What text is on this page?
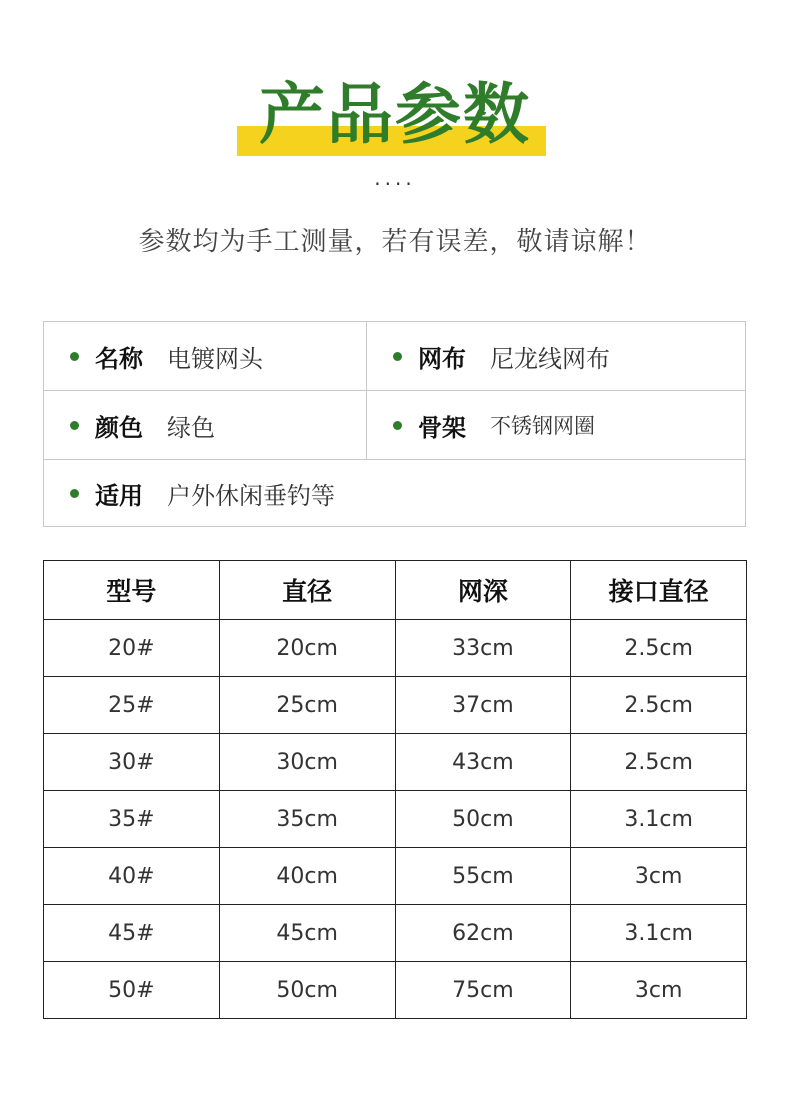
产品参数
....
参数均为手工测量，若有误差，敬请谅解！
名称 电镀网头	网布 尼龙线网布
颜色 绿色	骨架 不锈钢网圈
适用 户外休闲垂钓等
型号	直径	网深	接口直径
20#	20cm	33cm	2.5cm
25#	25cm	37cm	2.5cm
30#	30cm	43cm	2.5cm
35#	35cm	50cm	3.1cm
40#	40cm	55cm	3cm
45#	45cm	62cm	3.1cm
50#	50cm	75cm	3cm
